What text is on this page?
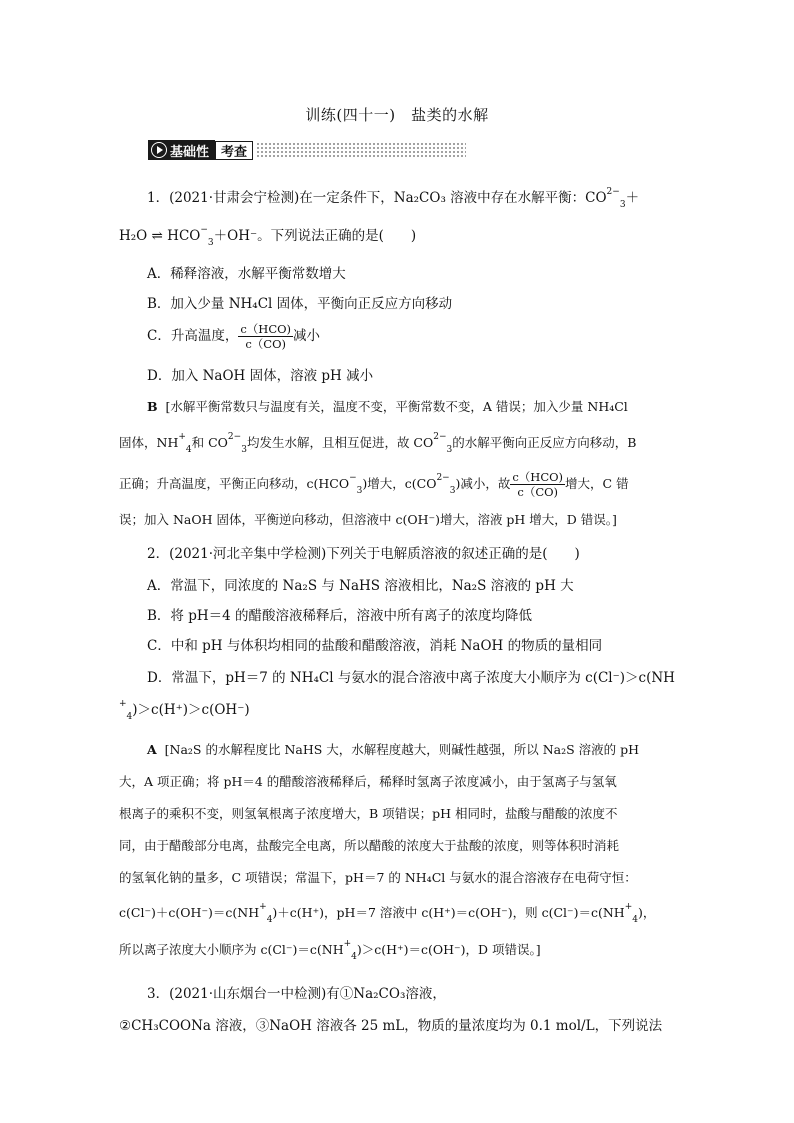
训练(四十一)　盐类的水解
基础性 考查
1．(2021·甘肃会宁检测)在一定条件下，Na₂CO₃ 溶液中存在水解平衡：$CO^{2-}_3+$
H₂O ⇌ $HCO^-_3+OH^-$。下列说法正确的是(　　)
A．稀释溶液，水解平衡常数增大
B．加入少量 NH₄Cl 固体，平衡向正反应方向移动
C．升高温度， $\frac{\text{c（HCO)}}{c(CO)}$ 减小
D．加入 NaOH 固体，溶液 pH 减小
B [水解平衡常数只与温度有关，温度不变，平衡常数不变，A 错误；加入少量 NH₄Cl
固体，$NH^+_4$和 $CO^{2-}_3$均发生水解，且相互促进，故 $CO^{2-}_3$的水解平衡向正反应方向移动，B
正确；升高温度，平衡正向移动，$c(HCO^-_3)$增大，$c(CO^{2-}_3)$减小，故 $\frac{\text{c（HCO)}}{c(CO)}$ 增大，C 错
误；加入 NaOH 固体，平衡逆向移动，但溶液中 c(OH⁻)增大，溶液 pH 增大，D 错误。]
2．(2021·河北辛集中学检测)下列关于电解质溶液的叙述正确的是(　　)
A．常温下，同浓度的 Na₂S 与 NaHS 溶液相比，Na₂S 溶液的 pH 大
B．将 pH＝4 的醋酸溶液稀释后，溶液中所有离子的浓度均降低
C．中和 pH 与体积均相同的盐酸和醋酸溶液，消耗 NaOH 的物质的量相同
D．常温下，pH＝7 的 NH₄Cl 与氨水的混合溶液中离子浓度大小顺序为 c(Cl⁻)＞c(NH
+$_4$)＞c(H⁺)＞c(OH⁻)
A [Na₂S 的水解程度比 NaHS 大，水解程度越大，则碱性越强，所以 Na₂S 溶液的 pH
大，A 项正确；将 pH＝4 的醋酸溶液稀释后，稀释时氢离子浓度减小，由于氢离子与氢氧
根离子的乘积不变，则氢氧根离子浓度增大，B 项错误；pH 相同时，盐酸与醋酸的浓度不
同，由于醋酸部分电离，盐酸完全电离，所以醋酸的浓度大于盐酸的浓度，则等体积时消耗
的氢氧化钠的量多，C 项错误；常温下，pH＝7 的 NH₄Cl 与氨水的混合溶液存在电荷守恒：
$c(Cl^-)+c(OH^-)=c(NH^+_4)+c(H^+)$，pH＝7 溶液中 c(H⁺)＝c(OH⁻)，则 $c(Cl^-)=c(NH^+_4)$，
所以离子浓度大小顺序为 $c(Cl^-)=c(NH^+_4)>c(H^+)=c(OH^-)$，D 项错误。]
3．(2021·山东烟台一中检测)有①Na₂CO₃溶液，
②CH₃COONa 溶液，③NaOH 溶液各 25 mL，物质的量浓度均为 0.1 mol/L，下列说法
